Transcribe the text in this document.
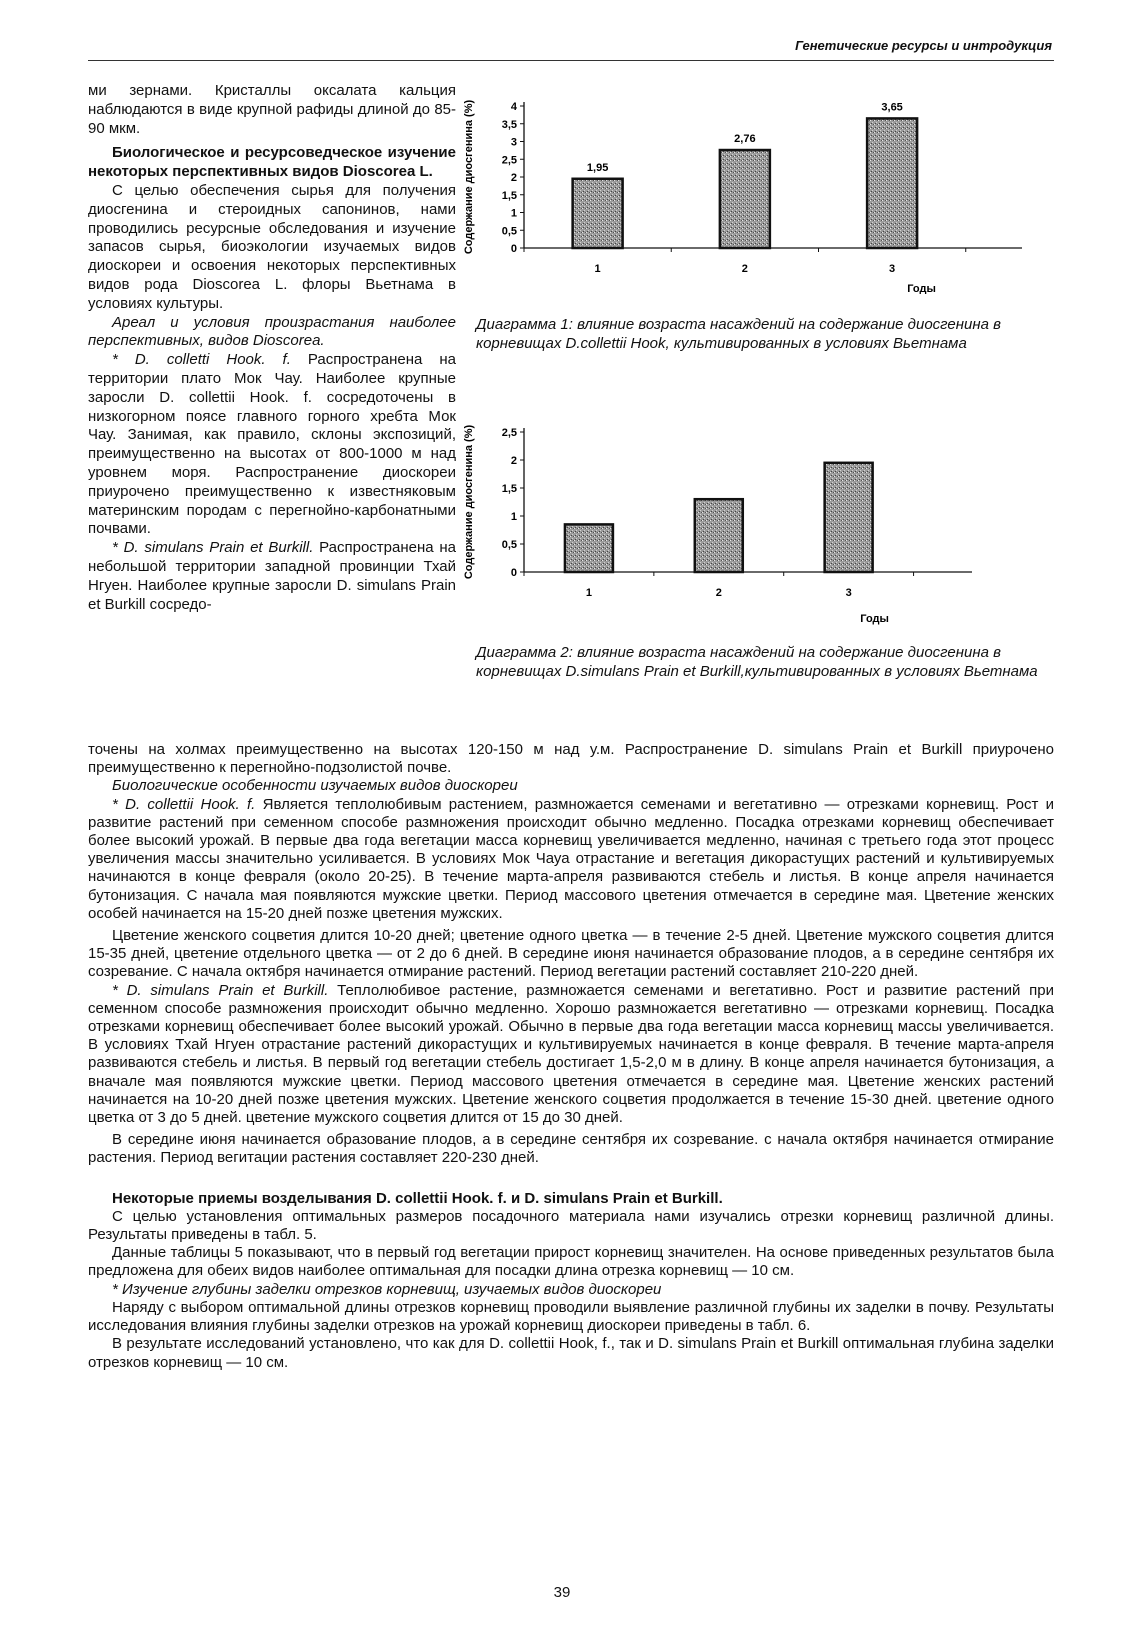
Генетические ресурсы и интродукция

ми зернами. Кристаллы оксалата кальция наблюдаются в виде крупной рафиды длиной до 85-90 мкм.

Биологическое и ресурсоведческое изучение некоторых перспективных видов Dioscorea L.

С целью обеспечения сырья для получения диосгенина и стероидных сапонинов, нами проводились ресурсные обследования и изучение запасов сырья, биоэкологии изучаемых видов диоскореи и освоения некоторых перспективных видов рода Dioscorea L. флоры Вьетнама в условиях культуры.

Ареал и условия произрастания наиболее перспективных, видов Dioscorea.

* D. colletti Hook. f. Распространена на территории плато Мок Чау. Наиболее крупные заросли D. collettii Hook. f. сосредоточены в низкогорном поясе главного горного хребта Мок Чау. Занимая, как правило, склоны экспозиций, преимущественно на высотах от 800-1000 м над уровнем моря. Распространение диоскореи приурочено преимущественно к известняковым материнским породам с перегнойно-карбонатными почвами.

* D. simulans Prain et Burkill. Распространена на небольшой территории западной провинции Тхай Нгуен. Наиболее крупные заросли D. simulans Prain et Burkill сосредо-

Содержание диосгенина (%)	0
0,5
1
1,5
2
2,5
3
3,5
4
1,95
1
2,76
2
3,65
3
Годы
Диаграмма 1: влияние возраста насаждений на содержание диосгенина в корневищах D.collettii Hook, культивированных в условиях Вьетнама
Содержание диосгенина (%)	0
0,5
1
1,5
2
2,5
1	2	3
Годы
Диаграмма 2: влияние возраста насаждений на содержание диосгенина в корневищах D.simulans Prain et Burkill,культивированных в условиях Вьетнама

точены на холмах преимущественно на высотах 120-150 м над у.м. Распространение D. simulans Prain et Burkill приурочено преимущественно к перегнойно-подзолистой почве.

Биологические особенности изучаемых видов диоскореи

* D. collettii Hook. f. Является теплолюбивым растением, размножается семенами и вегетативно — отрезками корневищ. Рост и развитие растений при семенном способе размножения происходит обычно медленно. Посадка отрезками корневищ обеспечивает более высокий урожай. В первые два года вегетации масса корневищ увеличивается медленно, начиная с третьего года этот процесс увеличения массы значительно усиливается. В условиях Мок Чауа отрастание и вегетация дикорастущих растений и культивируемых начинаются в конце февраля (около 20-25). В течение марта-апреля развиваются стебель и листья. В конце апреля начинается бутонизация. С начала мая появляются мужские цветки. Период массового цветения отмечается в середине мая. Цветение женских особей начинается на 15-20 дней позже цветения мужских.

Цветение женского соцветия длится 10-20 дней; цветение одного цветка — в течение 2-5 дней. Цветение мужского соцветия длится 15-35 дней, цветение отдельного цветка — от 2 до 6 дней. В середине июня начинается образование плодов, а в середине сентября их созревание. С начала октября начинается отмирание растений. Период вегетации растений составляет 210-220 дней.

* D. simulans Prain et Burkill. Теплолюбивое растение, размножается семенами и вегетативно. Рост и развитие растений при семенном способе размножения происходит обычно медленно. Хорошо размножается вегетативно — отрезками корневищ. Посадка отрезками корневищ обеспечивает более высокий урожай. Обычно в первые два года вегетации масса корневищ массы увеличивается. В условиях Тхай Нгуен отрастание растений дикорастущих и культивируемых начинается в конце февраля. В течение марта-апреля развиваются стебель и листья. В первый год вегетации стебель достигает 1,5-2,0 м в длину. В конце апреля начинается бутонизация, а вначале мая появляются мужские цветки. Период массового цветения отмечается в середине мая. Цветение женских растений начинается на 10-20 дней позже цветения мужских. Цветение женского соцветия продолжается в течение 15-30 дней. цветение одного цветка от 3 до 5 дней. цветение мужского соцветия длится от 15 до 30 дней.

В середине июня начинается образование плодов, а в середине сентября их созревание. с начала октября начинается отмирание растения. Период вегитации растения составляет 220-230 дней.

Некоторые приемы возделывания D. collettii Hook. f. и D. simulans Prain et Burkill.

С целью установления оптимальных размеров посадочного материала нами изучались отрезки корневищ различной длины. Результаты приведены в табл. 5.

Данные таблицы 5 показывают, что в первый год вегетации прирост корневищ значителен. На основе приведенных результатов была предложена для обеих видов наиболее оптимальная для посадки длина отрезка корневищ — 10 см.

* Изучение глубины заделки отрезков корневищ, изучаемых видов диоскореи

Наряду с выбором оптимальной длины отрезков корневищ проводили выявление различной глубины их заделки в почву. Результаты исследования влияния глубины заделки отрезков на урожай корневищ диоскореи приведены в табл. 6.

В результате исследований установлено, что как для D. collettii Hook, f., так и D. simulans Prain et Burkill оптимальная глубина заделки отрезков корневищ — 10 см.

39
